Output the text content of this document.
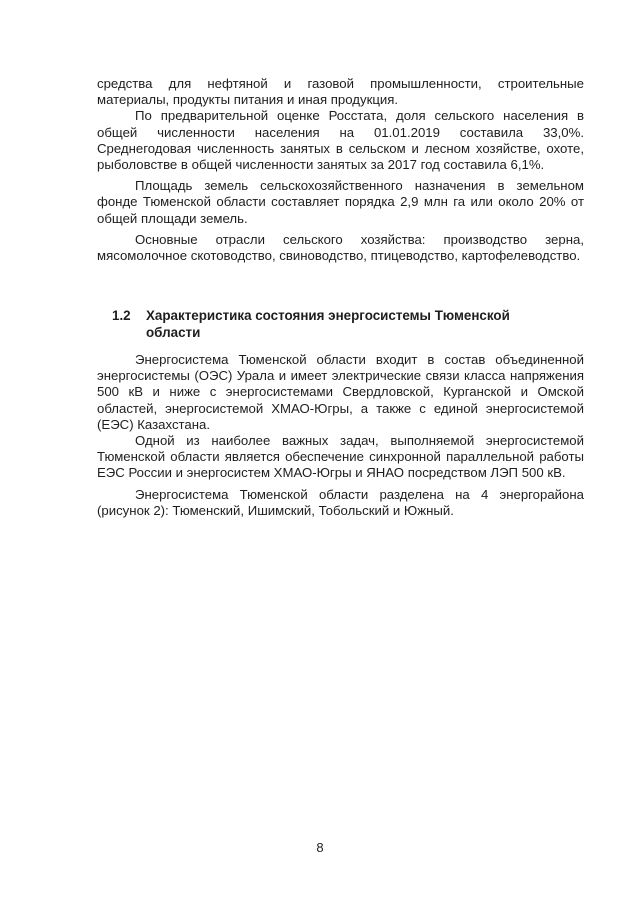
средства для нефтяной и газовой промышленности, строительные материалы, продукты питания и иная продукция.

По предварительной оценке Росстата, доля сельского населения в общей численности населения на 01.01.2019 составила 33,0%. Среднегодовая численность занятых в сельском и лесном хозяйстве, охоте, рыболовстве в общей численности занятых за 2017 год составила 6,1%.

Площадь земель сельскохозяйственного назначения в земельном фонде Тюменской области составляет порядка 2,9 млн га или около 20% от общей площади земель.

Основные отрасли сельского хозяйства: производство зерна, мясомолочное скотоводство, свиноводство, птицеводство, картофелеводство.

1.2	Характеристика состояния энергосистемы Тюменской области

Энергосистема Тюменской области входит в состав объединенной энергосистемы (ОЭС) Урала и имеет электрические связи класса напряжения 500 кВ и ниже с энергосистемами Свердловской, Курганской и Омской областей, энергосистемой ХМАО-Югры, а также с единой энергосистемой (ЕЭС) Казахстана.

Одной из наиболее важных задач, выполняемой энергосистемой Тюменской области является обеспечение синхронной параллельной работы ЕЭС России и энергосистем ХМАО-Югры и ЯНАО посредством ЛЭП 500 кВ.

Энергосистема Тюменской области разделена на 4 энергорайона (рисунок 2): Тюменский, Ишимский, Тобольский и Южный.

8
